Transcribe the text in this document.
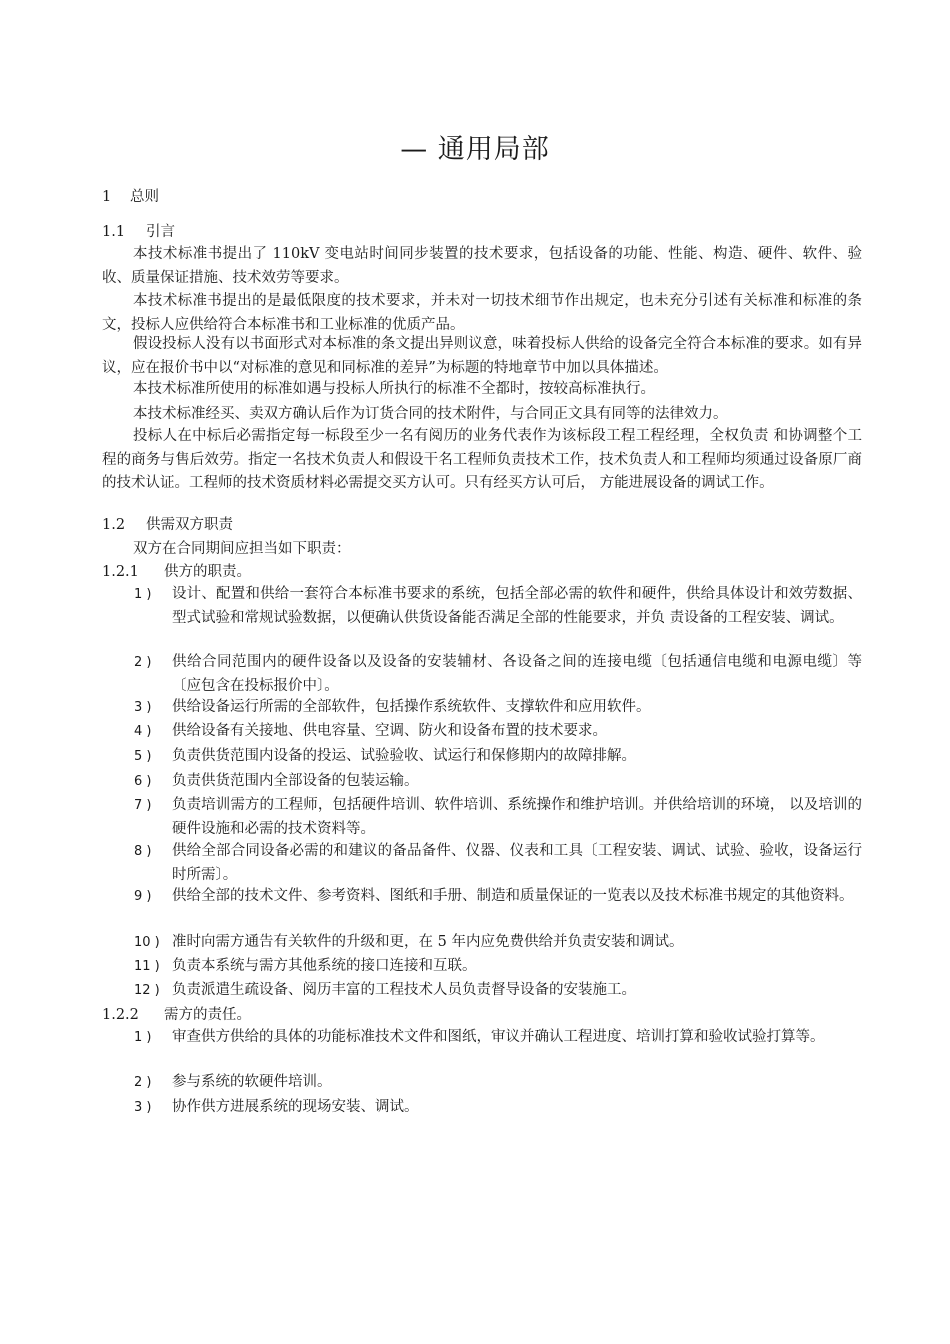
— 通用局部
1 总则
1.1 引言
本技术标准书提出了 110kV 变电站时间同步装置的技术要求，包括设备的功能、性能、构造、硬件、软件、验收、质量保证措施、技术效劳等要求。
本技术标准书提出的是最低限度的技术要求，并未对一切技术细节作出规定，也未充分引述有关标准和标准的条文，投标人应供给符合本标准书和工业标准的优质产品。
假设投标人没有以书面形式对本标准的条文提出异则议意，味着投标人供给的设备完全符合本标准的要求。如有异议，应在报价书中以“对标准的意见和同标准的差异”为标题的特地章节中加以具体描述。
本技术标准所使用的标准如遇与投标人所执行的标准不全都时，按较高标准执行。
本技术标准经买、卖双方确认后作为订货合同的技术附件，与合同正文具有同等的法律效力。
投标人在中标后必需指定每一标段至少一名有阅历的业务代表作为该标段工程工程经理，全权负责 和协调整个工程的商务与售后效劳。指定一名技术负责人和假设干名工程师负责技术工作，技术负责人和工程师均须通过设备原厂商的技术认证。工程师的技术资质材料必需提交买方认可。只有经买方认可后， 方能进展设备的调试工作。
1.2 供需双方职责
双方在合同期间应担当如下职责：
1.2.1 供方的职责。
1 )	设计、配置和供给一套符合本标准书要求的系统，包括全部必需的软件和硬件，供给具体设计和效劳数据、型式试验和常规试验数据，以便确认供货设备能否满足全部的性能要求，并负 责设备的工程安装、调试。
2 )	供给合同范围内的硬件设备以及设备的安装辅材、各设备之间的连接电缆〔包括通信电缆和电源电缆〕等〔应包含在投标报价中〕。
3 )	供给设备运行所需的全部软件，包括操作系统软件、支撑软件和应用软件。
4 )	供给设备有关接地、供电容量、空调、防火和设备布置的技术要求。
5 )	负责供货范围内设备的投运、试验验收、试运行和保修期内的故障排解。
6 )	负责供货范围内全部设备的包装运输。
7 )	负责培训需方的工程师，包括硬件培训、软件培训、系统操作和维护培训。并供给培训的环境， 以及培训的硬件设施和必需的技术资料等。
8 )	供给全部合同设备必需的和建议的备品备件、仪器、仪表和工具〔工程安装、调试、试验、验收，设备运行时所需〕。
9 )	供给全部的技术文件、参考资料、图纸和手册、制造和质量保证的一览表以及技术标准书规定的其他资料。
10 ) 准时向需方通告有关软件的升级和更，在 5 年内应免费供给并负责安装和调试。
11 ) 负责本系统与需方其他系统的接口连接和互联。
12 ) 负责派遣生疏设备、阅历丰富的工程技术人员负责督导设备的安装施工。
1.2.2 需方的责任。
1 )	审查供方供给的具体的功能标准技术文件和图纸，审议并确认工程进度、培训打算和验收试验打算等。
2 )	参与系统的软硬件培训。
3 )	协作供方进展系统的现场安装、调试。
